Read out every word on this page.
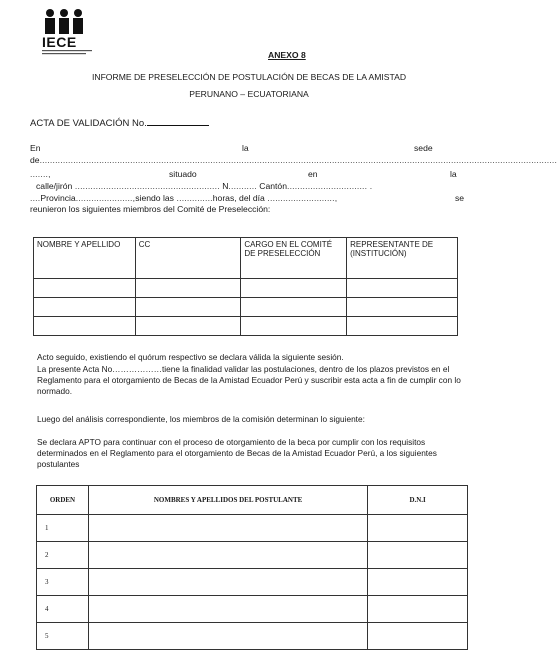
IECE
ANEXO 8
INFORME DE PRESELECCIÓN DE POSTULACIÓN DE BECAS DE LA AMISTAD
PERUNANO – ECUATORIANA
ACTA DE VALIDACIÓN No.
En	la	sede
de........................................................................................................................................................................................................
.......,	situado	en	la
calle/jirón ........................................................ N........... Cantón............................... .
....Provincia......................,siendo las ..............horas, del día ..........................,	se
reunieron los siguientes miembros del Comité de Preselección:
NOMBRE Y APELLIDO	CC	CARGO EN EL COMITÉ DE PRESELECCIÓN	REPRESENTANTE DE (INSTITUCIÓN)

Acto seguido, existiendo el quórum respectivo se declara válida la siguiente sesión.
La presente Acta No………………tiene la finalidad validar las postulaciones, dentro de los plazos previstos en el Reglamento para el otorgamiento de Becas de la Amistad Ecuador Perú y suscribir esta acta a fin de cumplir con lo normado.
Luego del análisis correspondiente, los miembros de la comisión determinan lo siguiente:
Se declara APTO para continuar con el proceso de otorgamiento de la beca por cumplir con los requisitos determinados en el Reglamento para el otorgamiento de Becas de la Amistad Ecuador Perú, a los siguientes postulantes
ORDEN	NOMBRES Y APELLIDOS DEL POSTULANTE	D.N.I
1		
2		
3		
4		
5		
